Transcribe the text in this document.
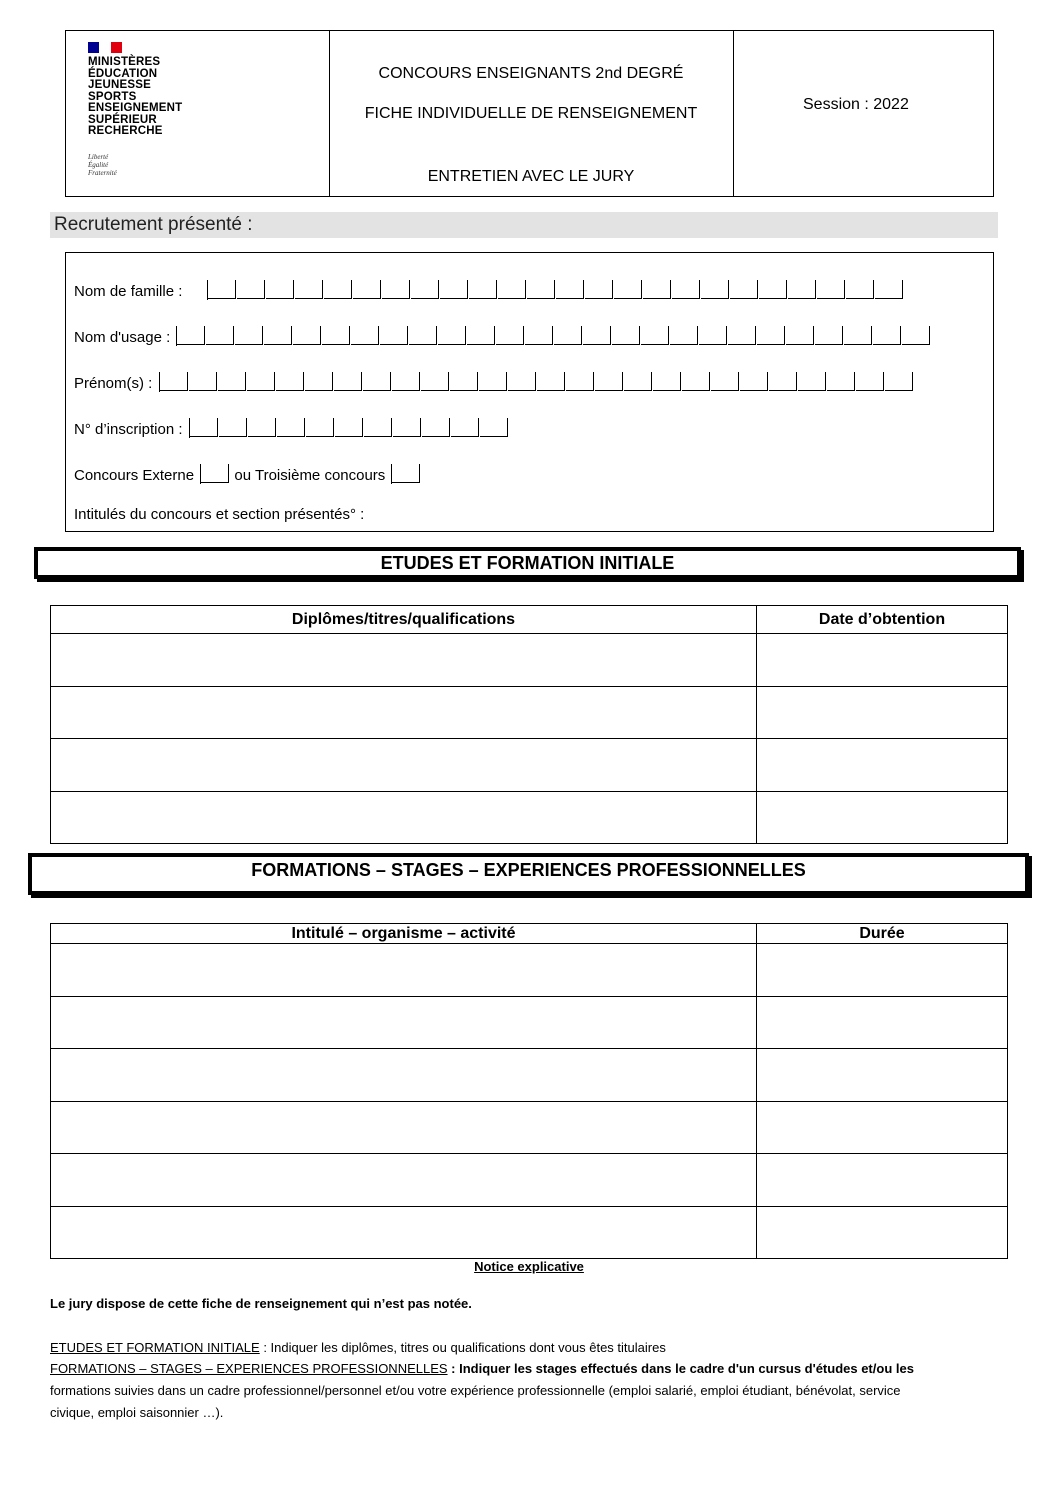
MINISTÈRES
ÉDUCATION
JEUNESSE
SPORTS
ENSEIGNEMENT
SUPÉRIEUR
RECHERCHE
Liberté
Égalité
Fraternité
CONCOURS ENSEIGNANTS 2nd DEGRÉ
FICHE INDIVIDUELLE DE RENSEIGNEMENT
ENTRETIEN AVEC LE JURY
Session : 2022
Recrutement présenté :
Nom de famille :
Nom d'usage :
Prénom(s) :
N° d’inscription :
Concours Externe	ou Troisième concours
Intitulés du concours et section présentés° :
ETUDES ET FORMATION INITIALE
Diplômes/titres/qualifications	Date d’obtention

FORMATIONS – STAGES – EXPERIENCES PROFESSIONNELLES
Intitulé – organisme – activité	Durée

Notice explicative
Le jury dispose de cette fiche de renseignement qui n’est pas notée.
ETUDES ET FORMATION INITIALE : Indiquer les diplômes, titres ou qualifications dont vous êtes titulaires
FORMATIONS – STAGES – EXPERIENCES PROFESSIONNELLES : Indiquer les stages effectués dans le cadre d'un cursus d'études et/ou les
formations suivies dans un cadre professionnel/personnel et/ou votre expérience professionnelle (emploi salarié, emploi étudiant, bénévolat, service
civique, emploi saisonnier …).
